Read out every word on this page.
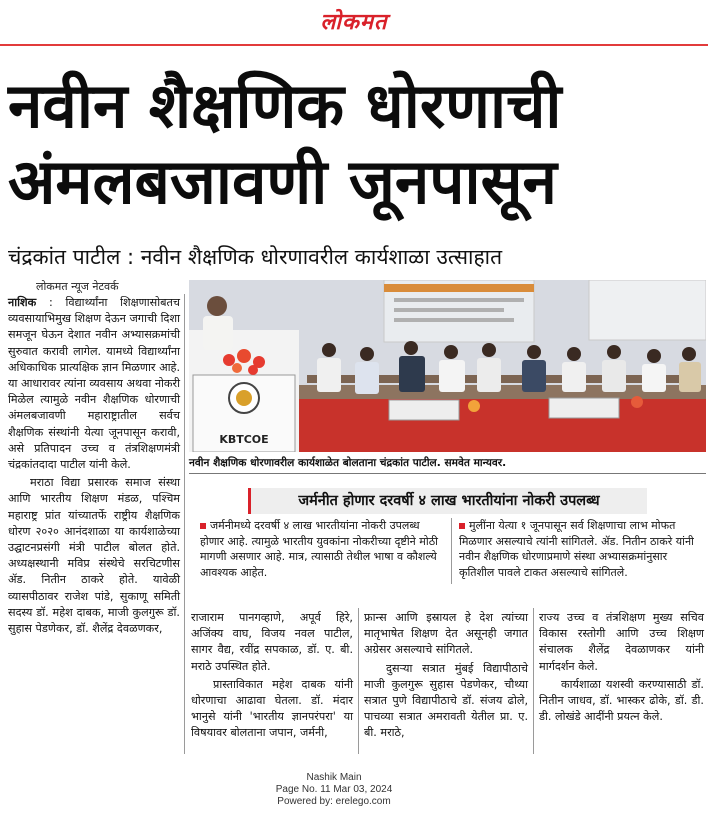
लोकमत
नवीन शैक्षणिक धोरणाची
अंमलबजावणी जूनपासून
चंद्रकांत पाटील : नवीन शैक्षणिक धोरणावरील कार्यशाळा उत्साहात
लोकमत न्यूज नेटवर्क

नाशिक : विद्यार्थ्यांना शिक्षणासोबतच व्यवसायाभिमुख शिक्षण देऊन जगाची दिशा समजून घेऊन देशात नवीन अभ्यासक्रमांची सुरुवात करावी लागेल. यामध्ये विद्यार्थ्यांना अधिकाधिक प्रात्यक्षिक ज्ञान मिळणार आहे. या आधारावर त्यांना व्यवसाय अथवा नोकरी मिळेल त्यामुळे नवीन शैक्षणिक धोरणाची अंमलबजावणी महाराष्ट्रातील सर्वच शैक्षणिक संस्थांनी येत्या जूनपासून करावी, असे प्रतिपादन उच्च व तंत्रशिक्षणमंत्री चंद्रकांतदादा पाटील यांनी केले.

मराठा विद्या प्रसारक समाज संस्था आणि भारतीय शिक्षण मंडळ, पश्चिम महाराष्ट्र प्रांत यांच्यातर्फे राष्ट्रीय शैक्षणिक धोरण २०२० आनंदशाळा या कार्यशाळेच्या उद्घाटनप्रसंगी मंत्री पाटील बोलत होते. अध्यक्षस्थानी मविप्र संस्थेचे सरचिटणीस ॲड. नितीन ठाकरे होते. यावेळी व्यासपीठावर राजेश पांडे, सुकाणू समिती सदस्य डॉ. महेश दाबक, माजी कुलगुरू डॉ. सुहास पेडणेकर, डॉ. शैलेंद्र देवळणकर,

KBTCOE
नवीन शैक्षणिक धोरणावरील कार्यशाळेत बोलताना चंद्रकांत पाटील. समवेत मान्यवर.
जर्मनीत होणार दरवर्षी ४ लाख भारतीयांना नोकरी उपलब्ध
जर्मनीमध्ये दरवर्षी ४ लाख भारतीयांना नोकरी उपलब्ध होणार आहे. त्यामुळे भारतीय युवकांना नोकरीच्या दृष्टीने मोठी मागणी असणार आहे. मात्र, त्यासाठी तेथील भाषा व कौशल्ये आवश्यक आहेत.
मुलींना येत्या १ जूनपासून सर्व शिक्षणाचा लाभ मोफत मिळणार असल्याचे त्यांनी सांगितले. ॲड. नितीन ठाकरे यांनी नवीन शैक्षणिक धोरणाप्रमाणे संस्था अभ्यासक्रमांनुसार कृतिशील पावले टाकत असल्याचे सांगितले.

राजाराम पानगव्हाणे, अपूर्व हिरे, अजिंक्य वाघ, विजय नवल पाटील, सागर वैद्य, रवींद्र सपकाळ, डॉ. ए. बी. मराठे उपस्थित होते.

प्रास्ताविकात महेश दाबक यांनी धोरणाचा आढावा घेतला. डॉ. मंदार भानुसे यांनी 'भारतीय ज्ञानपरंपरा' या विषयावर बोलताना जपान, जर्मनी,

फ्रान्स आणि इस्रायल हे देश त्यांच्या मातृभाषेत शिक्षण देत असूनही जगात अग्रेसर असल्याचे सांगितले.

दुसऱ्या सत्रात मुंबई विद्यापीठाचे माजी कुलगुरू सुहास पेडणेकर, चौथ्या सत्रात पुणे विद्यापीठाचे डॉ. संजय ढोले, पाचव्या सत्रात अमरावती येतील प्रा. ए. बी. मराठे,

राज्य उच्च व तंत्रशिक्षण मुख्य सचिव विकास रस्तोगी आणि उच्च शिक्षण संचालक शैलेंद्र देवळाणकर यांनी मार्गदर्शन केले.

कार्यशाळा यशस्वी करण्यासाठी डॉ. नितीन जाधव, डॉ. भास्कर ढोके, डॉ. डी. डी. लोखंडे आदींनी प्रयत्न केले.

Nashik Main
Page No. 11 Mar 03, 2024
Powered by: erelego.com
